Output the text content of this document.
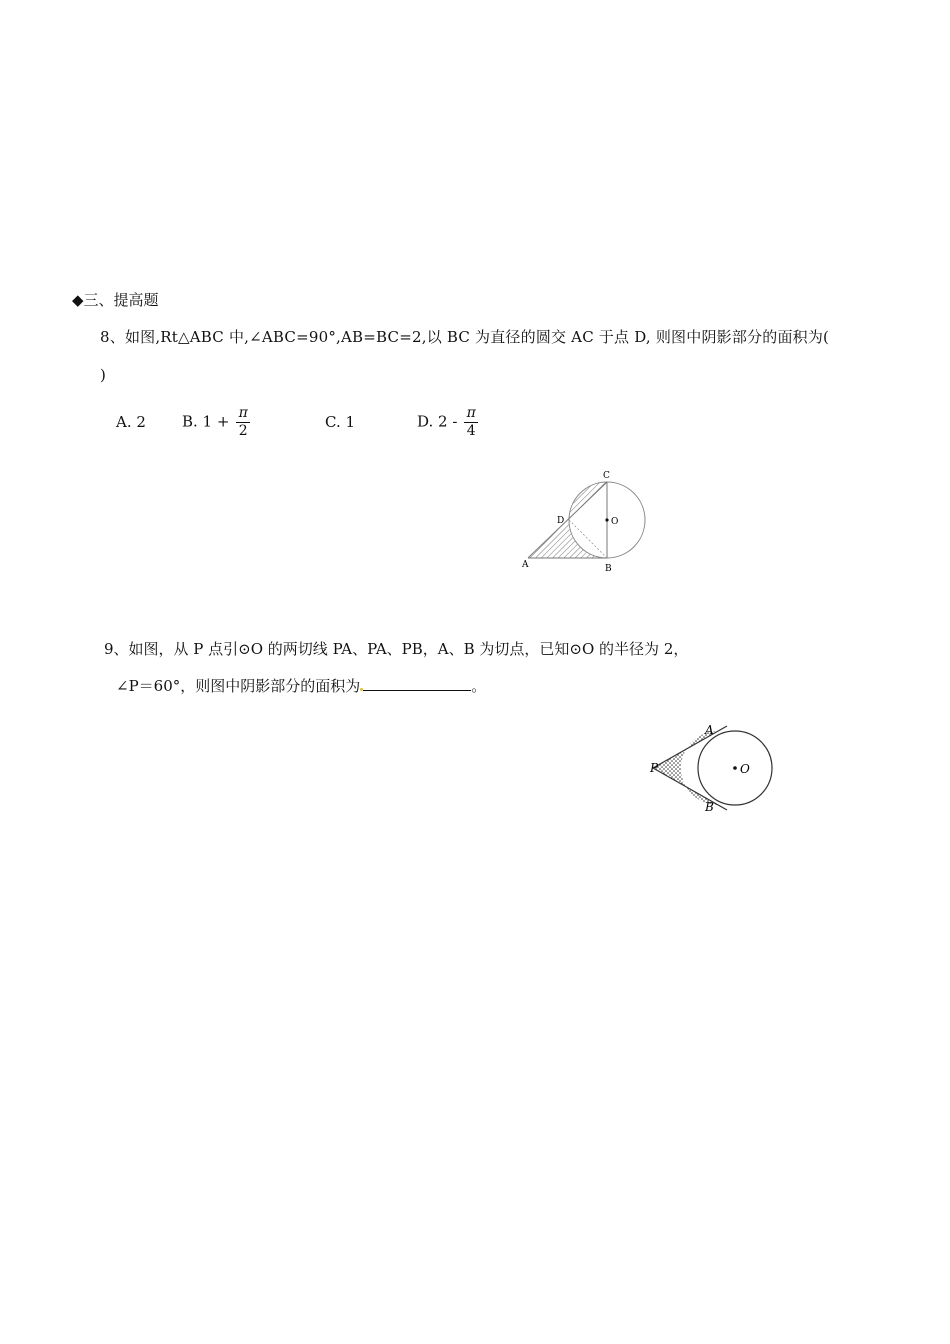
◆三、提高题
8、如图,Rt△ABC 中,∠ABC=90°,AB=BC=2,以 BC 为直径的圆交 AC 于点 D, 则图中阴影部分的面积为(
)
A. 2 B. $1 + \frac{\pi}{2}$	C. 1	D. $2 - \frac{\pi}{4}$
A	B
C
D	O
9、如图，从 P 点引⊙O 的两切线 PA、PA、PB，A、B 为切点，已知⊙O 的半径为 2，
∠P＝60°，则图中阴影部分的面积为	。
A
B
P	O
